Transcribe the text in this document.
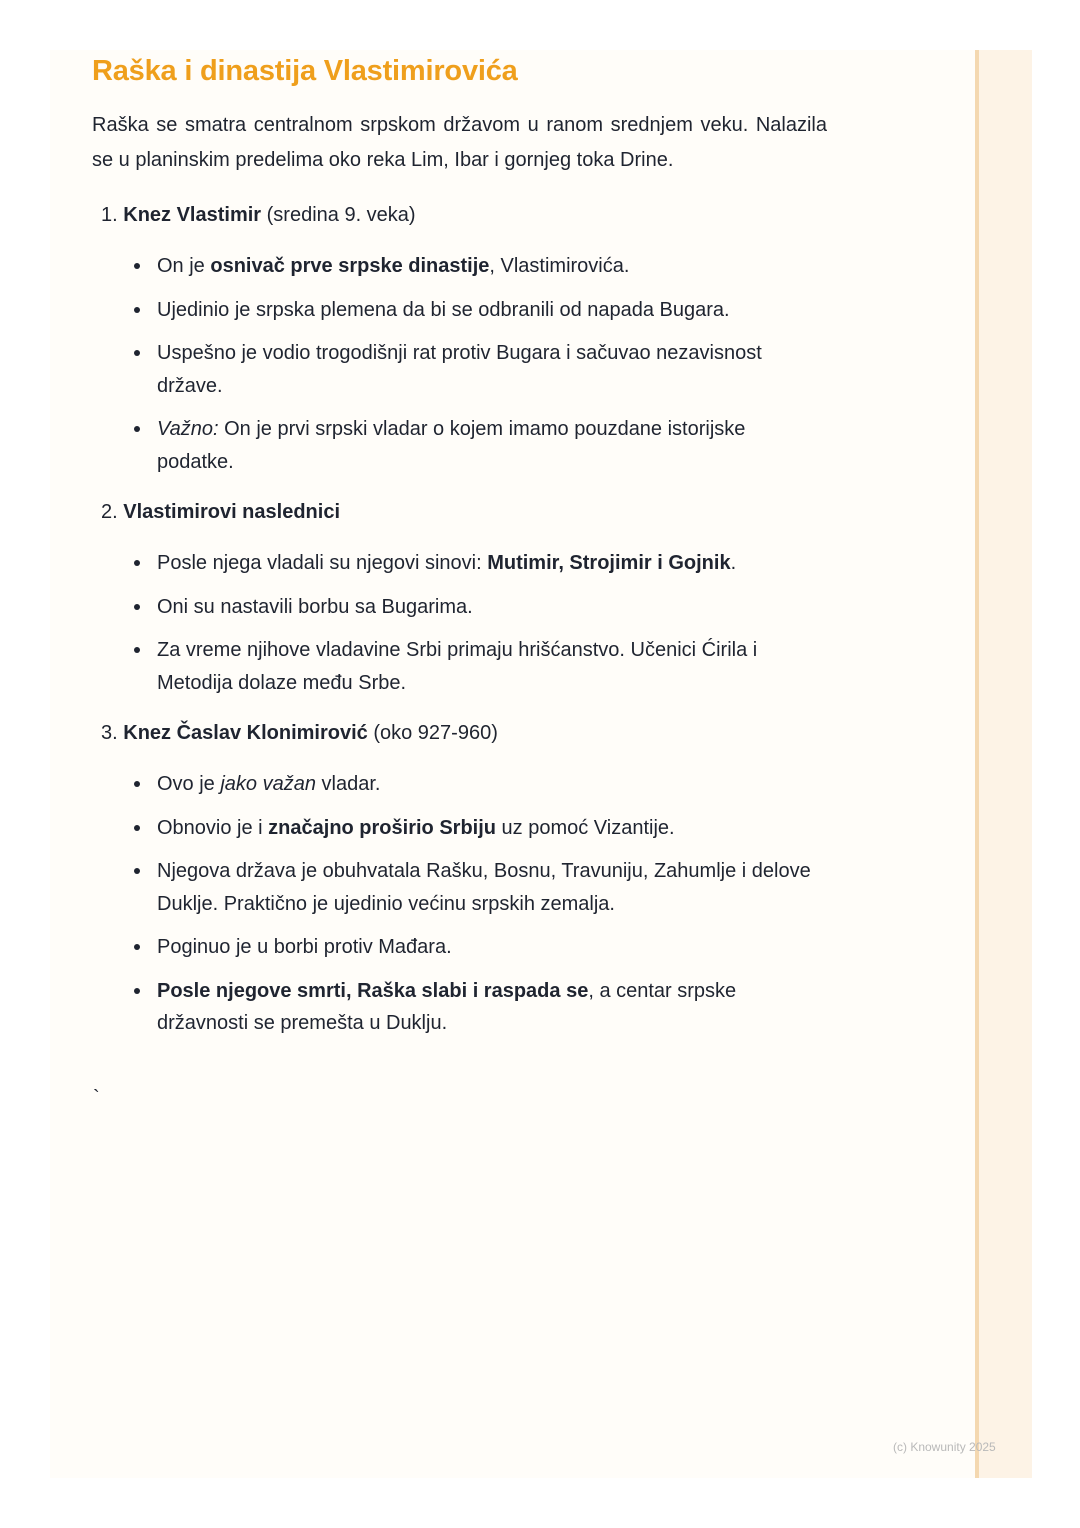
Raška i dinastija Vlastimirovića

Raška se smatra centralnom srpskom državom u ranom srednjem veku. Nalazila se u planinskim predelima oko reka Lim, Ibar i gornjeg toka Drine.

1. Knez Vlastimir (sredina 9. veka)
On je osnivač prve srpske dinastije, Vlastimirovića.
Ujedinio je srpska plemena da bi se odbranili od napada Bugara.
Uspešno je vodio trogodišnji rat protiv Bugara i sačuvao nezavisnost države.
Važno: On je prvi srpski vladar o kojem imamo pouzdane istorijske podatke.
2. Vlastimirovi naslednici
Posle njega vladali su njegovi sinovi: Mutimir, Strojimir i Gojnik.
Oni su nastavili borbu sa Bugarima.
Za vreme njihove vladavine Srbi primaju hrišćanstvo. Učenici Ćirila i Metodija dolaze među Srbe.
3. Knez Časlav Klonimirović (oko 927-960)
Ovo je jako važan vladar.
Obnovio je i značajno proširio Srbiju uz pomoć Vizantije.
Njegova država je obuhvatala Rašku, Bosnu, Travuniju, Zahumlje i delove Duklje. Praktično je ujedinio većinu srpskih zemalja.
Poginuo je u borbi protiv Mađara.
Posle njegove smrti, Raška slabi i raspada se, a centar srpske državnosti se premešta u Duklju.
`
(c) Knowunity 2025
